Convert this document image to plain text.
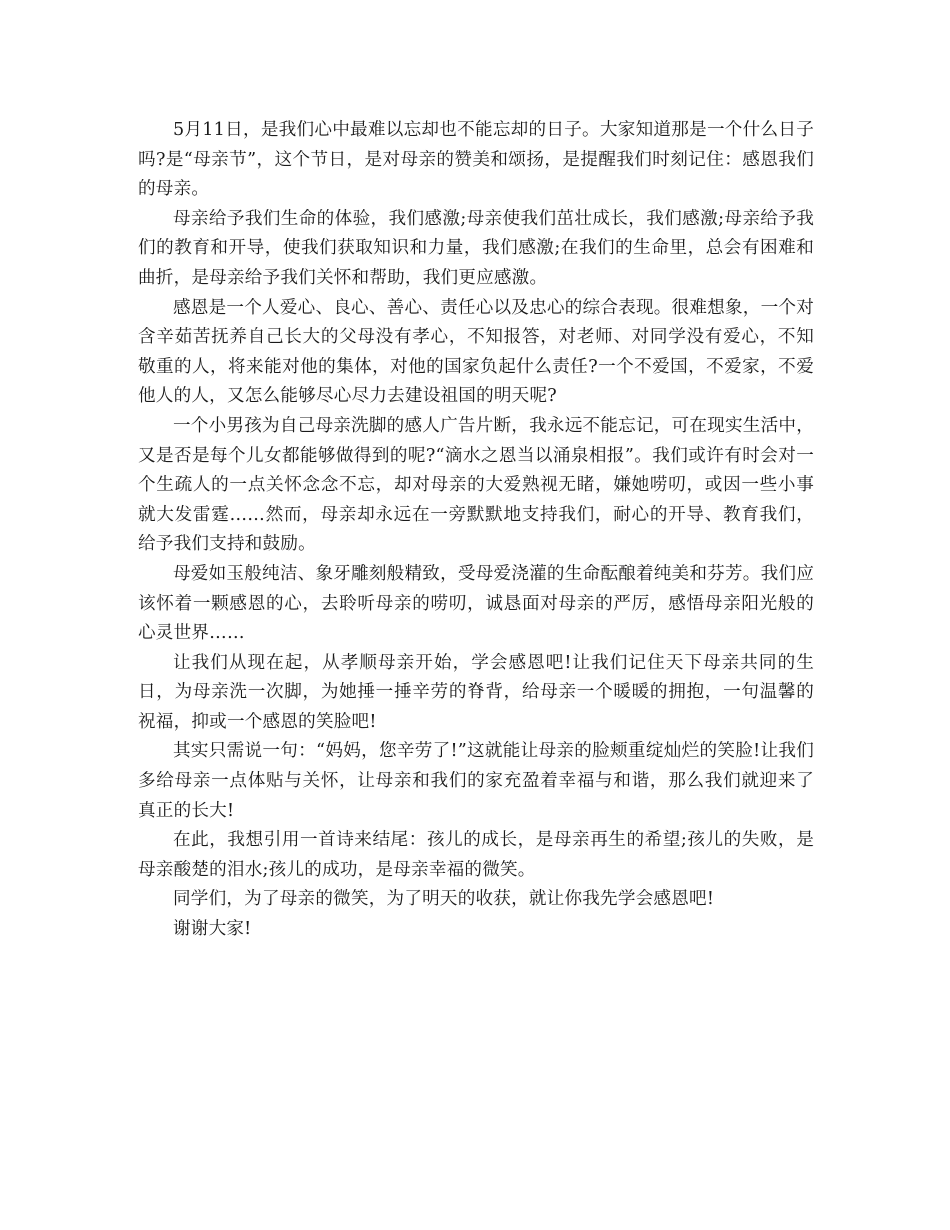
5月11日，是我们心中最难以忘却也不能忘却的日子。大家知道那是一个什么日子吗?是“母亲节”，这个节日，是对母亲的赞美和颂扬，是提醒我们时刻记住：感恩我们的母亲。

母亲给予我们生命的体验，我们感激;母亲使我们茁壮成长，我们感激;母亲给予我们的教育和开导，使我们获取知识和力量，我们感激;在我们的生命里，总会有困难和曲折，是母亲给予我们关怀和帮助，我们更应感激。

感恩是一个人爱心、良心、善心、责任心以及忠心的综合表现。很难想象，一个对含辛茹苦抚养自己长大的父母没有孝心，不知报答，对老师、对同学没有爱心，不知敬重的人，将来能对他的集体，对他的国家负起什么责任?一个不爱国，不爱家，不爱他人的人，又怎么能够尽心尽力去建设祖国的明天呢?

一个小男孩为自己母亲洗脚的感人广告片断，我永远不能忘记，可在现实生活中，又是否是每个儿女都能够做得到的呢?“滴水之恩当以涌泉相报”。我们或许有时会对一个生疏人的一点关怀念念不忘，却对母亲的大爱熟视无睹，嫌她唠叨，或因一些小事就大发雷霆……然而，母亲却永远在一旁默默地支持我们，耐心的开导、教育我们，给予我们支持和鼓励。

母爱如玉般纯洁、象牙雕刻般精致，受母爱浇灌的生命酝酿着纯美和芬芳。我们应该怀着一颗感恩的心，去聆听母亲的唠叨，诚恳面对母亲的严厉，感悟母亲阳光般的心灵世界……

让我们从现在起，从孝顺母亲开始，学会感恩吧!让我们记住天下母亲共同的生日，为母亲洗一次脚，为她捶一捶辛劳的脊背，给母亲一个暖暖的拥抱，一句温馨的祝福，抑或一个感恩的笑脸吧!

其实只需说一句：“妈妈，您辛劳了!”这就能让母亲的脸颊重绽灿烂的笑脸!让我们多给母亲一点体贴与关怀，让母亲和我们的家充盈着幸福与和谐，那么我们就迎来了真正的长大!

在此，我想引用一首诗来结尾：孩儿的成长，是母亲再生的希望;孩儿的失败，是母亲酸楚的泪水;孩儿的成功，是母亲幸福的微笑。

同学们，为了母亲的微笑，为了明天的收获，就让你我先学会感恩吧!

谢谢大家!
